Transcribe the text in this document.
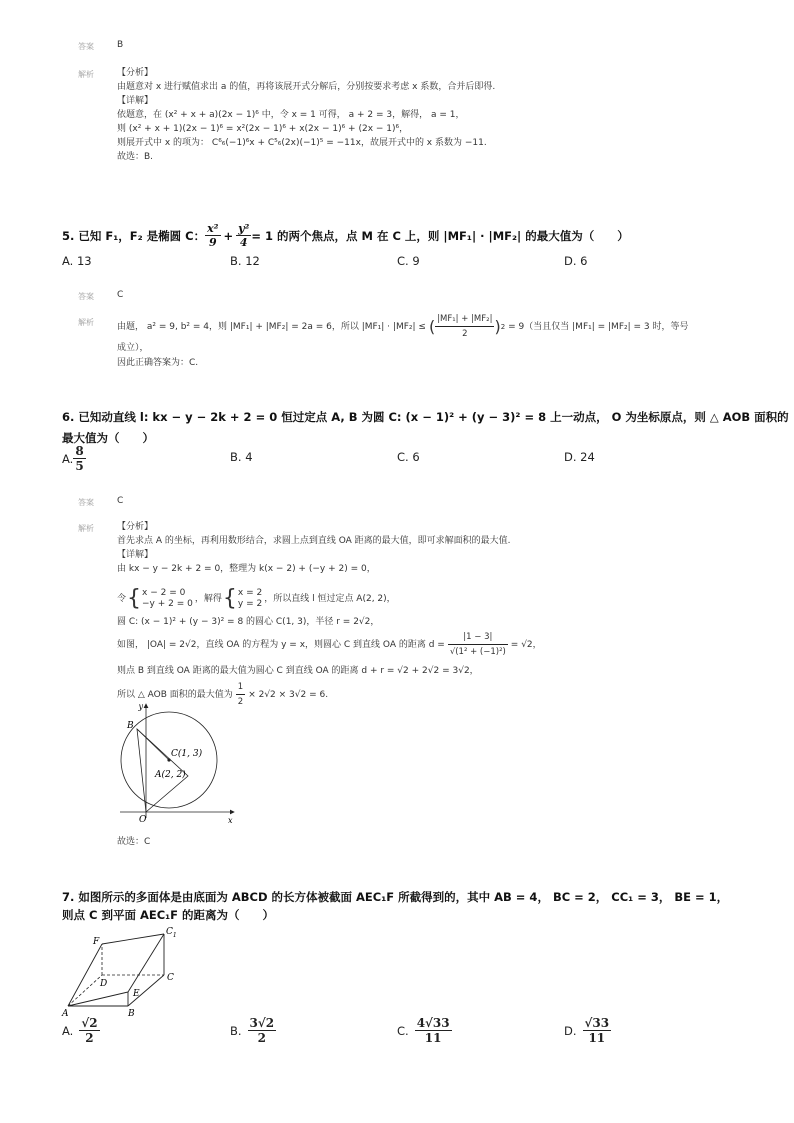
答案	B
解析	【分析】
由题意对 x 进行赋值求出 a 的值，再将该展开式分解后，分别按要求考虑 x 系数，合并后即得.
【详解】
依题意，在 (x² + x + a)(2x − 1)⁶ 中，令 x = 1 可得， a + 2 = 3，解得， a = 1，
则 (x² + x + 1)(2x − 1)⁶ = x²(2x − 1)⁶ + x(2x − 1)⁶ + (2x − 1)⁶，
则展开式中 x 的项为： C⁶₆(−1)⁶x + C⁵₆(2x)(−1)⁵ = −11x，故展开式中的 x 系数为 −11.
故选：B.
5. 已知 F₁，F₂ 是椭圆 C： $\frac{\text{x²}}{9} + \frac{\text{y²}}{4} = 1$ 的两个焦点，点 M 在 C 上，则 |MF₁| · |MF₂| 的最大值为（　　）
A. 13	B. 12	C. 9	D. 6
答案	C
解析	由题， a² = 9, b² = 4，则 |MF₁| + |MF₂| = 2a = 6，所以 |MF₁| · |MF₂| ≤ ( $\frac{\text{|MF₁| + |MF₂|}}{2}$ ) 2 = 9（当且仅当 |MF₁| = |MF₂| = 3 时，等号
成立），
因此正确答案为：C.
6. 已知动直线 l: kx − y − 2k + 2 = 0 恒过定点 A, B 为圆 C: (x − 1)² + (y − 3)² = 8 上一动点， O 为坐标原点，则 △ AOB 面积的
最大值为（　　）
A. $\frac{8}{5}$	B. 4	C. 6	D. 24
答案	C
解析	【分析】
首先求点 A 的坐标，再利用数形结合，求圆上点到直线 OA 距离的最大值，即可求解面积的最大值.
【详解】
由 kx − y − 2k + 2 = 0，整理为 k(x − 2) + (−y + 2) = 0，
令 { x − 2 = 0
−y + 2 = 0 ，解得 { x = 2
y = 2 ，所以直线 l 恒过定点 A(2, 2)，
圆 C: (x − 1)² + (y − 3)² = 8 的圆心 C(1, 3)，半径 r = 2√2，
如图， |OA| = 2√2，直线 OA 的方程为 y = x，则圆心 C 到直线 OA 的距离 $d = \frac{|1 - 3|}{\text{√(1² + (−1)²)}} = √2$，
则点 B 到直线 OA 距离的最大值为圆心 C 到直线 OA 的距离 d + r = √2 + 2√2 = 3√2，
所以 △ AOB 面积的最大值为 $\frac{1}{2} \times 2√2 \times 3√2 = 6$.
y
x
O
B
C(1, 3)
A(2, 2)
故选：C
7. 如图所示的多面体是由底面为 ABCD 的长方体被截面 AEC₁F 所截得到的，其中 AB = 4， BC = 2， CC₁ = 3， BE = 1，
则点 C 到平面 AEC₁F 的距离为（　　）
F
$C_1$
C
D
E
A	B
A. $\frac{√2}{2}$	B. $\frac{3√2}{2}$	C. $\frac{4√33}{11}$	D. $\frac{√33}{11}$
